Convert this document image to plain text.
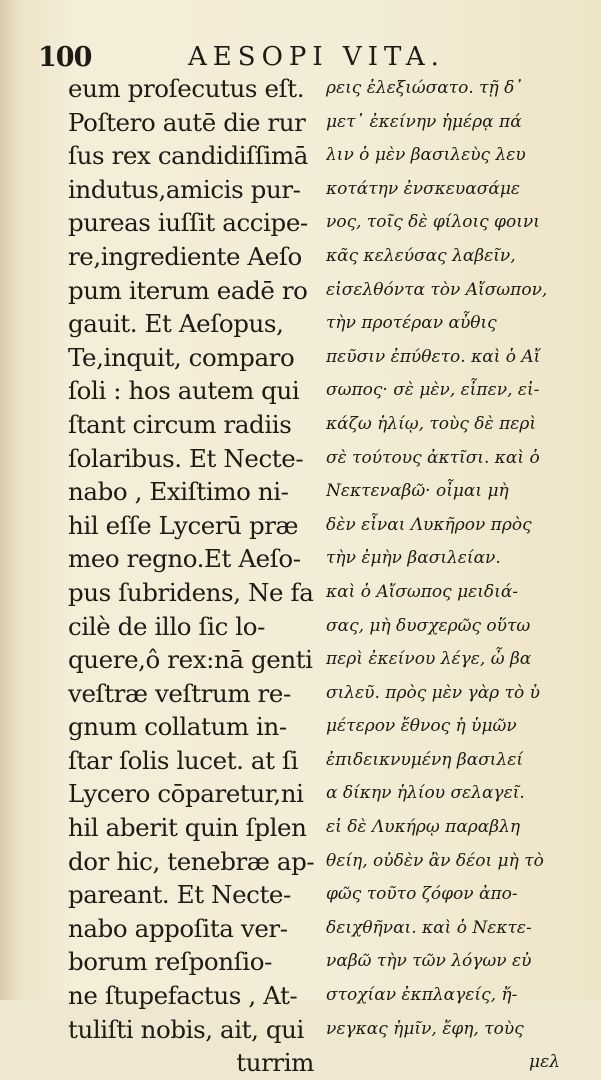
100	AESOPI VITA.
eum proſecutus eſt.
Poſtero autē die rur
ſus rex candidiſſimā
indutus,amicis pur-
pureas iuſſit accipe-
re,ingrediente Aeſo
pum iterum eadē ro
gauit. Et Aeſopus,
Te,inquit, comparo
ſoli : hos autem qui
ſtant circum radiis
ſolaribus. Et Necte-
nabo , Exiſtimo ni-
hil eſſe Lycerū præ
meo regno.Et Aeſo-
pus ſubridens, Ne fa
cilè de illo ſic lo-
quere,ô rex:nā genti
veſtræ veſtrum re-
gnum collatum in-
ſtar ſolis lucet. at ſi
Lycero cōparetur,ni
hil aberit quin ſplen
dor hic, tenebræ ap-
pareant. Et Necte-
nabo appoſita ver-
borum reſponſio-
ne ſtupefactus , At-
tuliſti nobis, ait, qui
turrim
ρεις ἐλεξιώσατο. τῇ δ᾽
μετ᾽ ἐκείνην ἡμέρᾳ πά
λιν ὁ μὲν βασιλεὺς λευ
κοτάτην ἐνσκευασάμε
νος, τοῖς δὲ φίλοις φοινι
κᾶς κελεύσας λαβεῖν,
εἰσελθόντα τὸν Αἴσωπον,
τὴν προτέραν αὖθις
πεῦσιν ἐπύθετο. καὶ ὁ Αἴ
σωπος· σὲ μὲν, εἶπεν, εἰ-
κάζω ἡλίῳ, τοὺς δὲ περὶ
σὲ τούτους ἀκτῖσι. καὶ ὁ
Νεκτεναβῶ· οἶμαι μὴ
δὲν εἶναι Λυκῆρον πρὸς
τὴν ἐμὴν βασιλείαν.
καὶ ὁ Αἴσωπος μειδιά-
σας, μὴ δυσχερῶς οὕτω
περὶ ἐκείνου λέγε, ὦ βα
σιλεῦ. πρὸς μὲν γὰρ τὸ ὑ
μέτερον ἔθνος ἡ ὑμῶν
ἐπιδεικνυμένη βασιλεί
α δίκην ἡλίου σελαγεῖ.
εἰ δὲ Λυκήρῳ παραβλη
θείη, οὐδὲν ἂν δέοι μὴ τὸ
φῶς τοῦτο ζόφον ἀπο-
δειχθῆναι. καὶ ὁ Νεκτε-
ναβῶ τὴν τῶν λόγων εὐ
στοχίαν ἐκπλαγείς, ἤ-
νεγκας ἡμῖν, ἔφη, τοὺς
μελ
